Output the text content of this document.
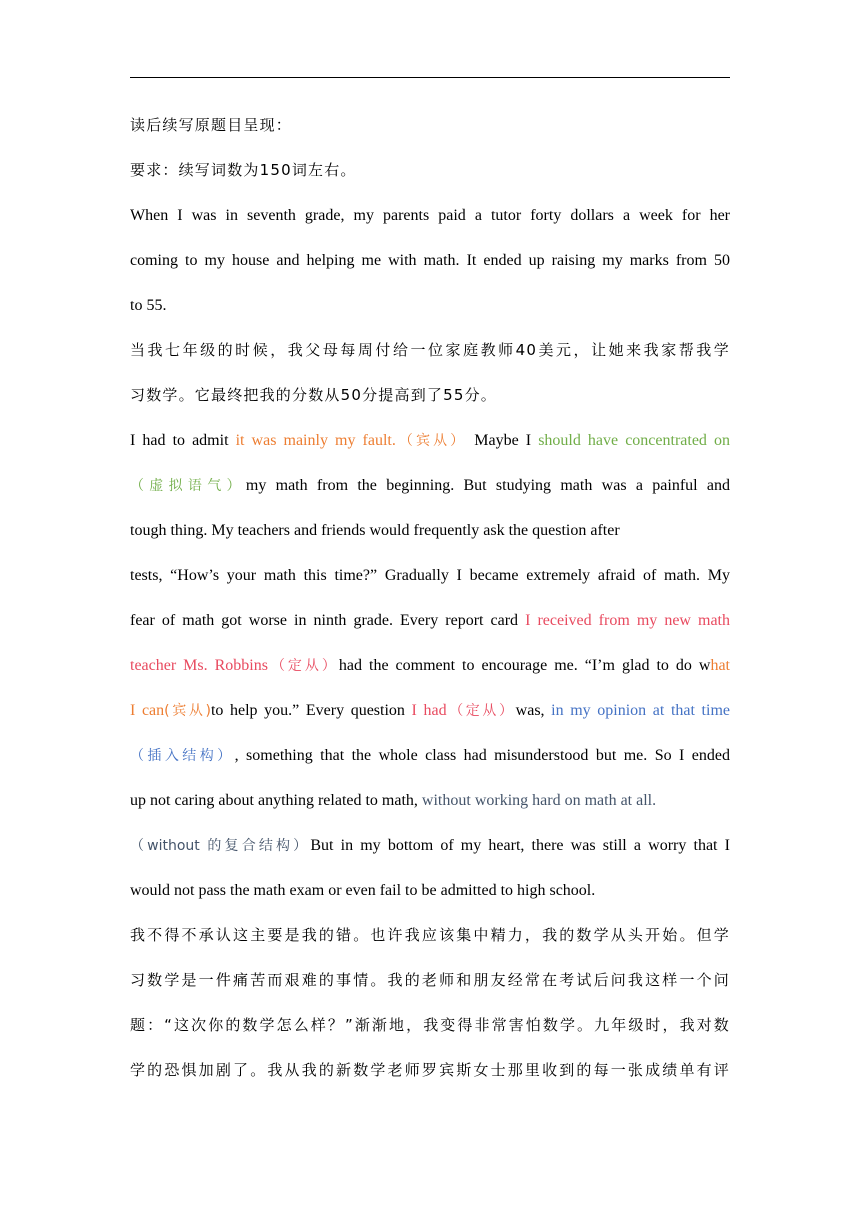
读后续写原题目呈现：
要求：续写词数为150词左右。
When I was in seventh grade, my parents paid a tutor forty dollars a week for her
coming to my house and helping me with math. It ended up raising my marks from 50
to 55.
当我七年级的时候，我父母每周付给一位家庭教师40美元，让她来我家帮我学
习数学。它最终把我的分数从50分提高到了55分。
I had to admit it was mainly my fault.（宾从） Maybe I should have concentrated on
（虚拟语气）my math from the beginning. But studying math was a painful and
tough thing. My teachers and friends would frequently ask the question after
tests, “How’s your math this time?” Gradually I became extremely afraid of math. My
fear of math got worse in ninth grade. Every report card I received from my new math
teacher Ms. Robbins（定从）had the comment to encourage me. “I’m glad to do what
I can(宾从)to help you.” Every question I had（定从）was, in my opinion at that time
（插入结构）, something that the whole class had misunderstood but me. So I ended
up not caring about anything related to math, without working hard on math at all.
（without 的复合结构）But in my bottom of my heart, there was still a worry that I
would not pass the math exam or even fail to be admitted to high school.
我不得不承认这主要是我的错。也许我应该集中精力，我的数学从头开始。但学
习数学是一件痛苦而艰难的事情。我的老师和朋友经常在考试后问我这样一个问
题：“这次你的数学怎么样？”渐渐地，我变得非常害怕数学。九年级时，我对数
学的恐惧加剧了。我从我的新数学老师罗宾斯女士那里收到的每一张成绩单有评
